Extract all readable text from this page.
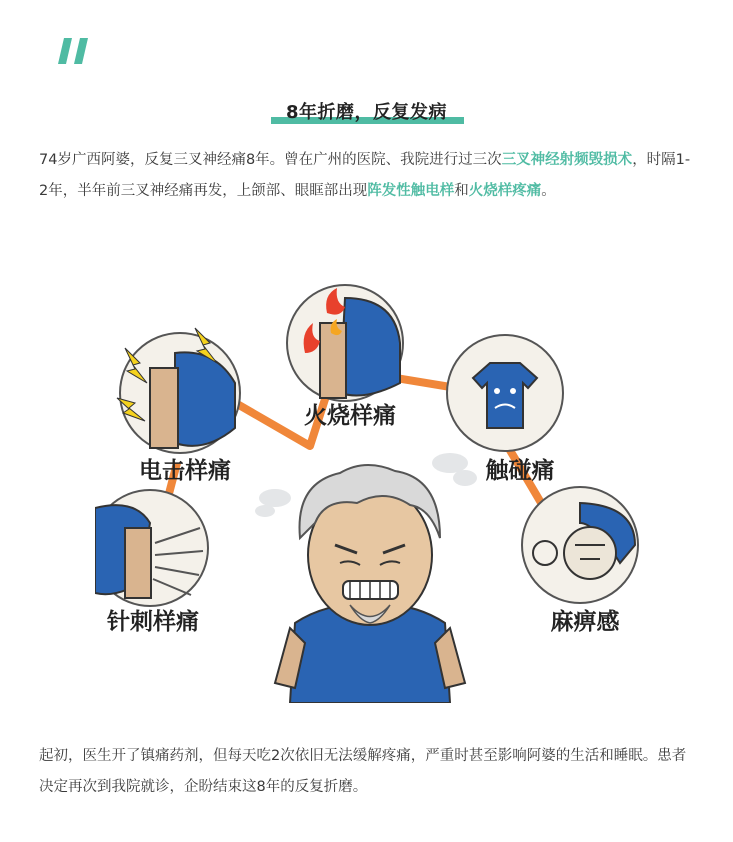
8年折磨，反复发病

74岁广西阿婆，反复三叉神经痛8年。曾在广州的医院、我院进行过三次三叉神经射频毁损术，时隔1-2年，半年前三叉神经痛再发，上颌部、眼眶部出现阵发性触电样和火烧样疼痛。

电击样痛
火烧样痛
触碰痛
针刺样痛	麻痹感

起初，医生开了镇痛药剂，但每天吃2次依旧无法缓解疼痛，严重时甚至影响阿婆的生活和睡眠。患者决定再次到我院就诊，企盼结束这8年的反复折磨。
